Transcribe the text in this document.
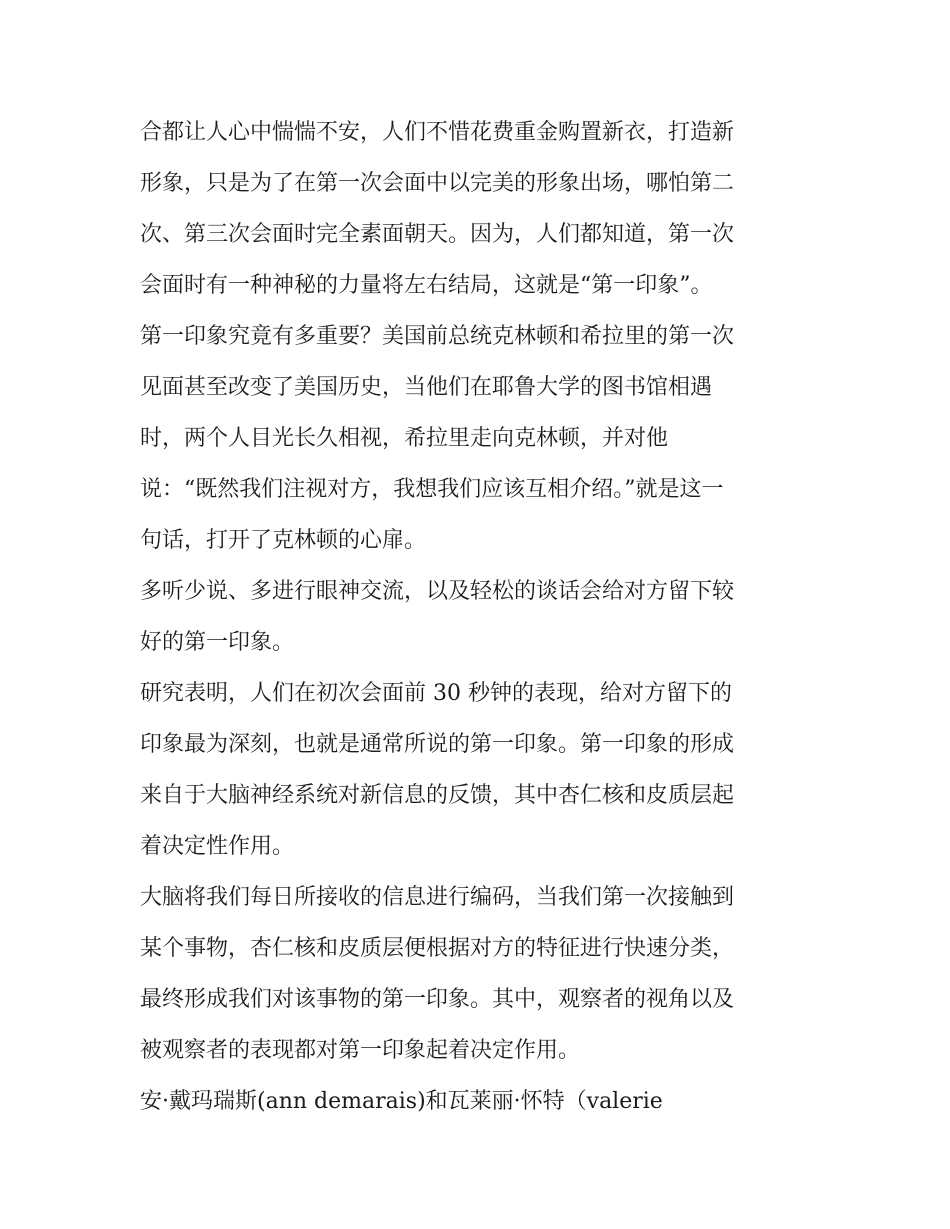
合都让人心中惴惴不安，人们不惜花费重金购置新衣，打造新
形象，只是为了在第一次会面中以完美的形象出场，哪怕第二
次、第三次会面时完全素面朝天。因为，人们都知道，第一次
会面时有一种神秘的力量将左右结局，这就是“第一印象”。
第一印象究竟有多重要？美国前总统克林顿和希拉里的第一次
见面甚至改变了美国历史，当他们在耶鲁大学的图书馆相遇
时，两个人目光长久相视，希拉里走向克林顿，并对他
说：“既然我们注视对方，我想我们应该互相介绍。”就是这一
句话，打开了克林顿的心扉。
多听少说、多进行眼神交流，以及轻松的谈话会给对方留下较
好的第一印象。
研究表明，人们在初次会面前 30 秒钟的表现，给对方留下的
印象最为深刻，也就是通常所说的第一印象。第一印象的形成
来自于大脑神经系统对新信息的反馈，其中杏仁核和皮质层起
着决定性作用。
大脑将我们每日所接收的信息进行编码，当我们第一次接触到
某个事物，杏仁核和皮质层便根据对方的特征进行快速分类，
最终形成我们对该事物的第一印象。其中，观察者的视角以及
被观察者的表现都对第一印象起着决定作用。
安·戴玛瑞斯(ann demarais)和瓦莱丽·怀特（valerie
